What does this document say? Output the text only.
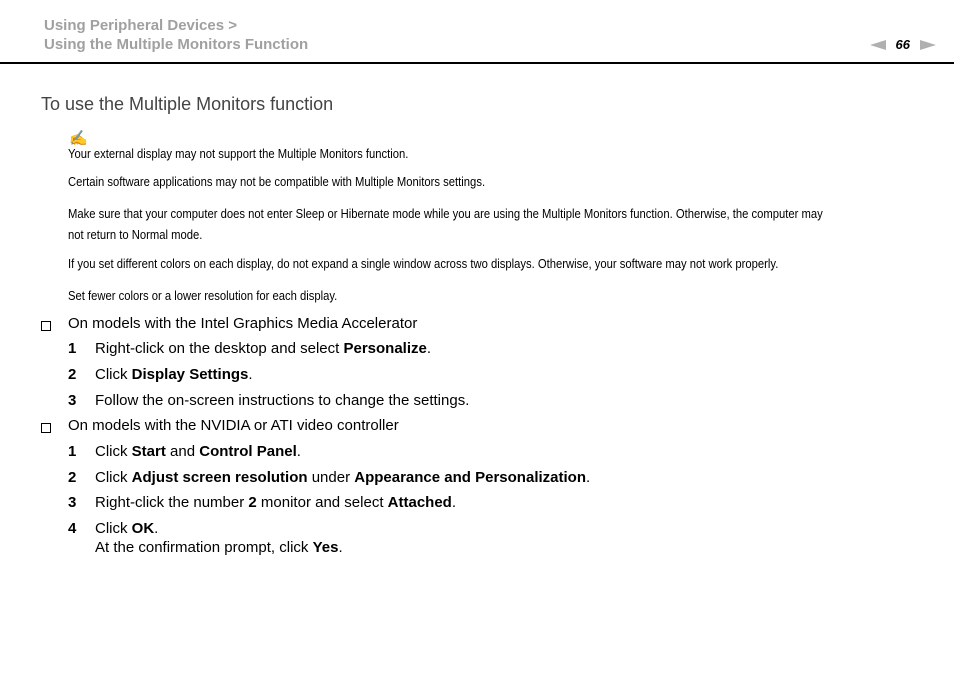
Using Peripheral Devices >
Using the Multiple Monitors Function	66
To use the Multiple Monitors function
✍
Your external display may not support the Multiple Monitors function.
Certain software applications may not be compatible with Multiple Monitors settings.
Make sure that your computer does not enter Sleep or Hibernate mode while you are using the Multiple Monitors function. Otherwise, the computer may not return to Normal mode.
If you set different colors on each display, do not expand a single window across two displays. Otherwise, your software may not work properly.
Set fewer colors or a lower resolution for each display.
On models with the Intel Graphics Media Accelerator
1 Right-click on the desktop and select Personalize.
2 Click Display Settings.
3 Follow the on-screen instructions to change the settings.
On models with the NVIDIA or ATI video controller
1 Click Start and Control Panel.
2 Click Adjust screen resolution under Appearance and Personalization.
3 Right-click the number 2 monitor and select Attached.
4 Click OK.
At the confirmation prompt, click Yes.
